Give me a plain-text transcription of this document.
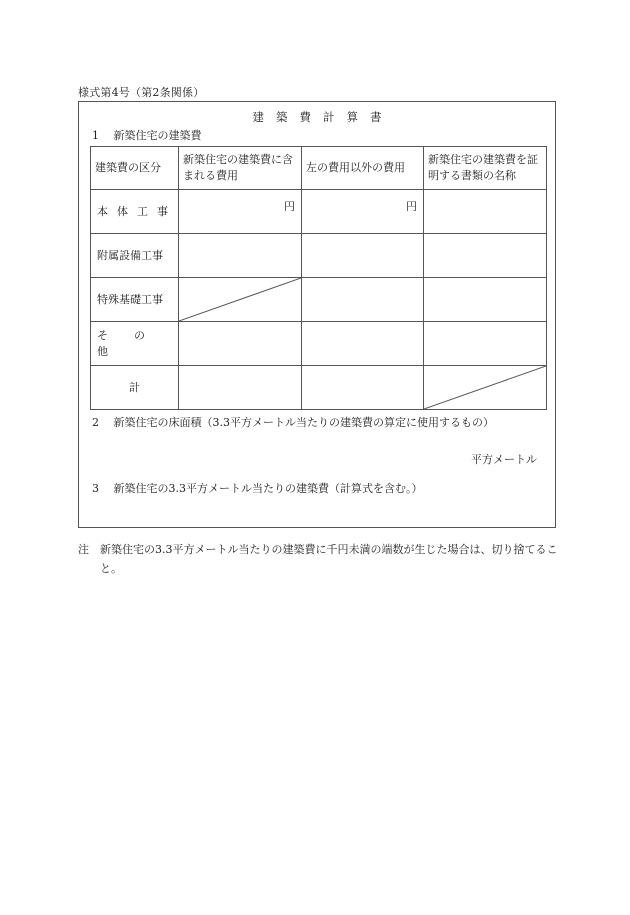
様式第4号（第2条関係）
建築費計算書
1 新築住宅の建築費
建築費の区分	新築住宅の建築費に含まれる費用	左の費用以外の費用	新築住宅の建築費を証明する書類の名称
本体工事	円	円	

附属設備工事			
特殊基礎工事	

その他			
計			
2 新築住宅の床面積（3.3平方メートル当たりの建築費の算定に使用するもの）
平方メートル
3 新築住宅の3.3平方メートル当たりの建築費（計算式を含む。）
注	新築住宅の3.3平方メートル当たりの建築費に千円未満の端数が生じた場合は、切り捨てること。
